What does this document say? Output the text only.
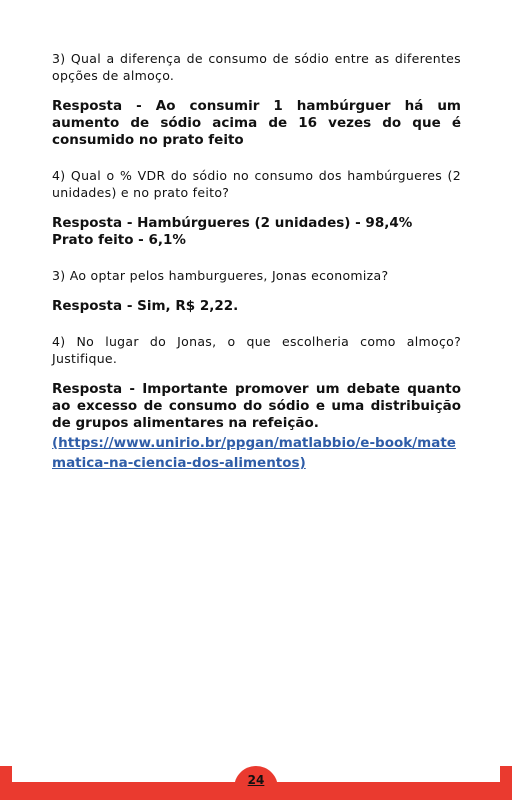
3) Qual a diferença de consumo de sódio entre as diferentes opções de almoço.

Resposta - Ao consumir 1 hambúrguer há um aumento de sódio acima de 16 vezes do que é consumido no prato feito

4) Qual o % VDR do sódio no consumo dos hambúrgueres (2 unidades) e no prato feito?

Resposta - Hambúrgueres (2 unidades) - 98,4%
Prato feito - 6,1%

3) Ao optar pelos hamburgueres, Jonas economiza?

Resposta - Sim, R$ 2,22.

4) No lugar do Jonas, o que escolheria como almoço? Justifique.

Resposta - Importante promover um debate quanto ao excesso de consumo do sódio e uma distribuição de grupos alimentares na refeição.

(https://www.unirio.br/ppgan/matlabbio/e-book/matematica-na-ciencia-dos-alimentos)
24
